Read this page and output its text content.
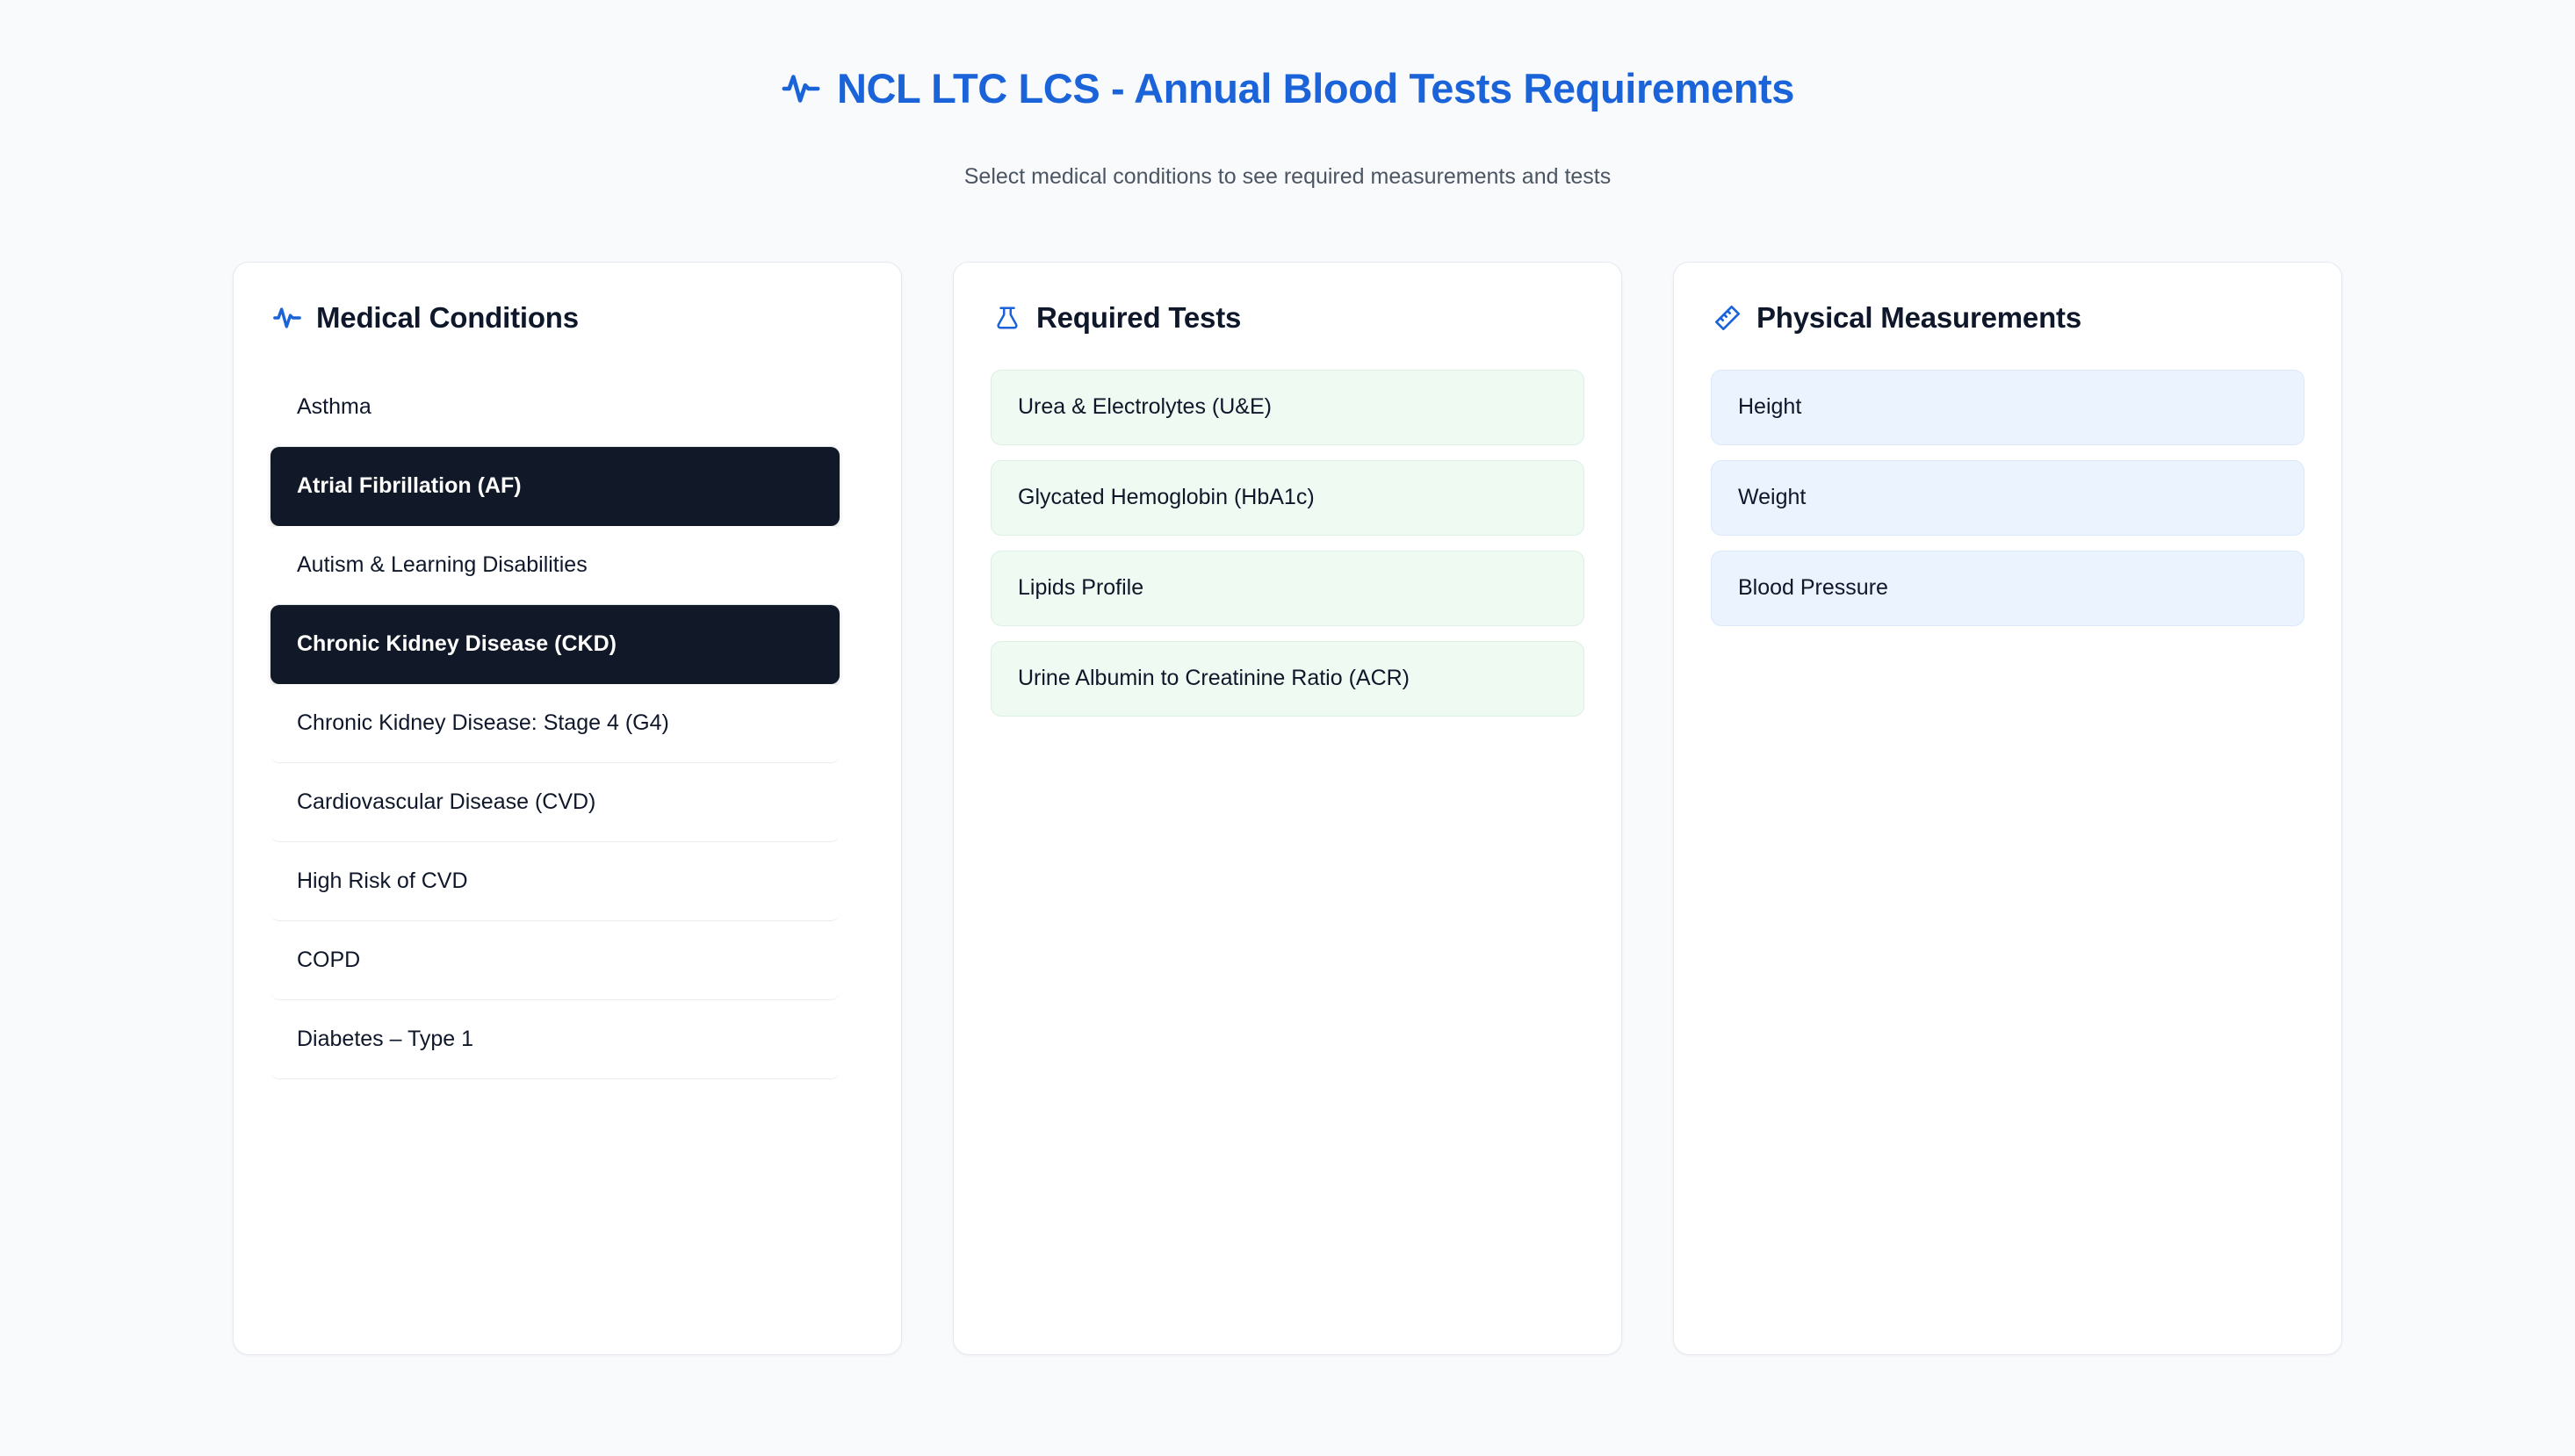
NCL LTC LCS - Annual Blood Tests Requirements
Select medical conditions to see required measurements and tests
Medical Conditions
Asthma
Atrial Fibrillation (AF)
Autism & Learning Disabilities
Chronic Kidney Disease (CKD)
Chronic Kidney Disease: Stage 4 (G4)
Cardiovascular Disease (CVD)
High Risk of CVD
COPD
Diabetes – Type 1
Required Tests
Urea & Electrolytes (U&E)
Glycated Hemoglobin (HbA1c)
Lipids Profile
Urine Albumin to Creatinine Ratio (ACR)
Physical Measurements
Height
Weight
Blood Pressure
